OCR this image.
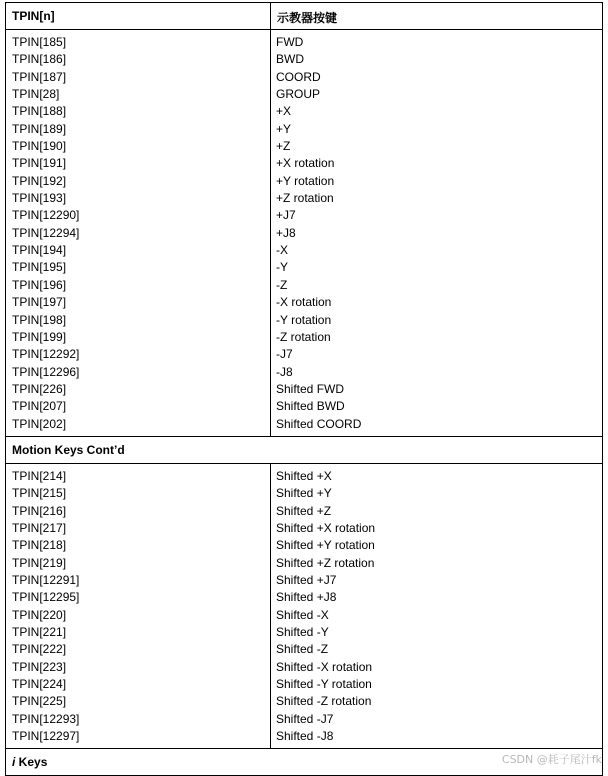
TPIN[n]	示教器按键
TPIN[185]	FWD
TPIN[186]	BWD
TPIN[187]	COORD
TPIN[28]	GROUP
TPIN[188]	+X
TPIN[189]	+Y
TPIN[190]	+Z
TPIN[191]	+X rotation
TPIN[192]	+Y rotation
TPIN[193]	+Z rotation
TPIN[12290]	+J7
TPIN[12294]	+J8
TPIN[194]	-X
TPIN[195]	-Y
TPIN[196]	-Z
TPIN[197]	-X rotation
TPIN[198]	-Y rotation
TPIN[199]	-Z rotation
TPIN[12292]	-J7
TPIN[12296]	-J8
TPIN[226]	Shifted FWD
TPIN[207]	Shifted BWD
TPIN[202]	Shifted COORD
Motion Keys Cont’d
TPIN[214]	Shifted +X
TPIN[215]	Shifted +Y
TPIN[216]	Shifted +Z
TPIN[217]	Shifted +X rotation
TPIN[218]	Shifted +Y rotation
TPIN[219]	Shifted +Z rotation
TPIN[12291]	Shifted +J7
TPIN[12295]	Shifted +J8
TPIN[220]	Shifted -X
TPIN[221]	Shifted -Y
TPIN[222]	Shifted -Z
TPIN[223]	Shifted -X rotation
TPIN[224]	Shifted -Y rotation
TPIN[225]	Shifted -Z rotation
TPIN[12293]	Shifted -J7
TPIN[12297]	Shifted -J8
i Keys	CSDN @耗子尾汁fk
